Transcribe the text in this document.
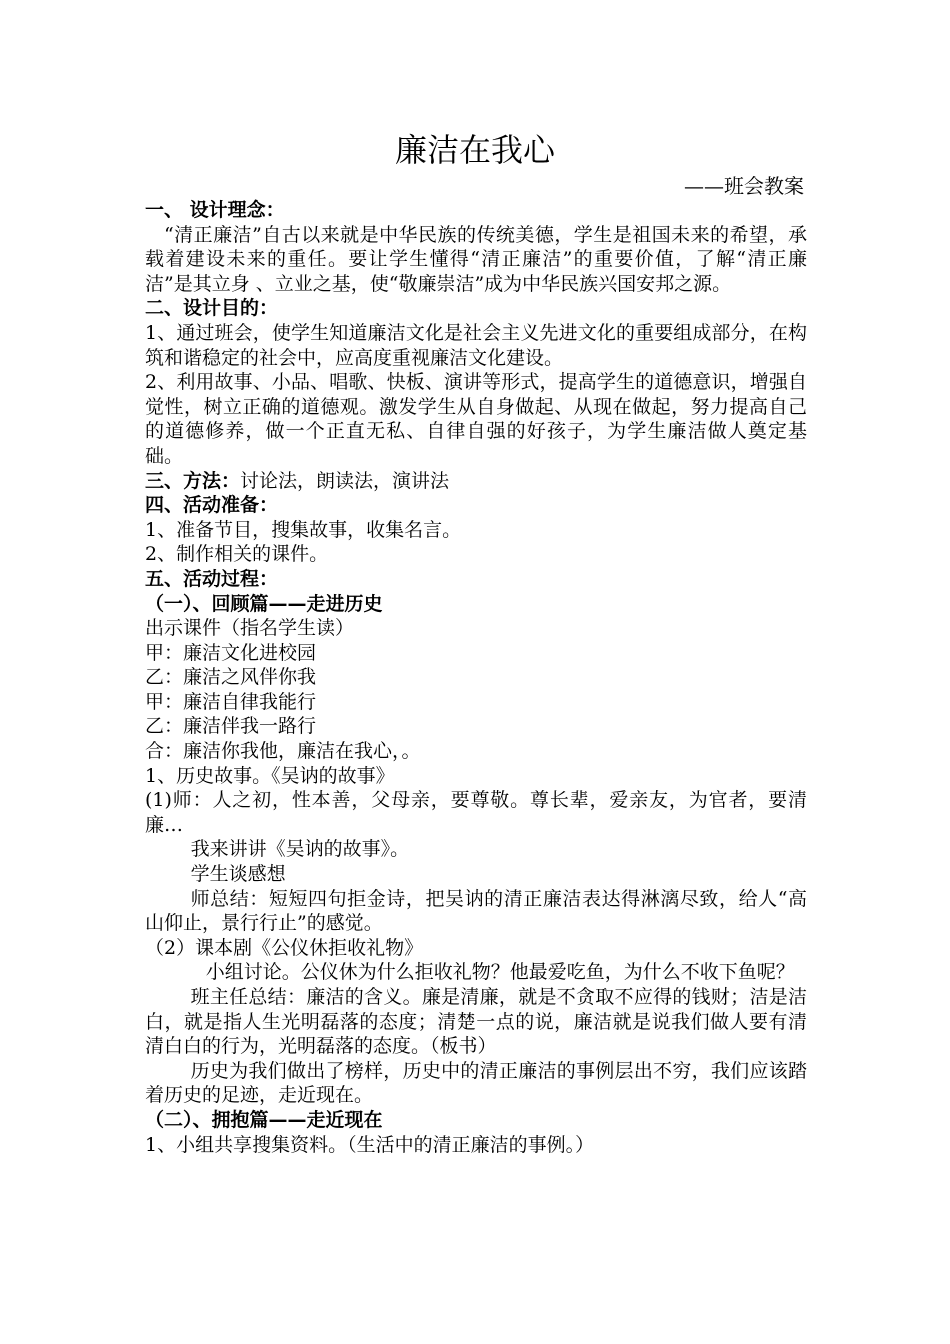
廉洁在我心

——班会教案

一、 设计理念：

“清正廉洁”自古以来就是中华民族的传统美德，学生是祖国未来的希望，承载着建设未来的重任。要让学生懂得“清正廉洁”的重要价值，了解“清正廉洁”是其立身 、立业之基，使“敬廉崇洁”成为中华民族兴国安邦之源。

二、设计目的：

1、通过班会，使学生知道廉洁文化是社会主义先进文化的重要组成部分，在构筑和谐稳定的社会中，应高度重视廉洁文化建设。

2、利用故事、小品、唱歌、快板、演讲等形式，提高学生的道德意识，增强自觉性，树立正确的道德观。激发学生从自身做起、从现在做起，努力提高自己的道德修养，做一个正直无私、自律自强的好孩子，为学生廉洁做人奠定基础。

三、方法：讨论法，朗读法，演讲法

四、活动准备：

1、准备节目，搜集故事，收集名言。

2、制作相关的课件。

五、活动过程：

（一）、回顾篇——走进历史

出示课件（指名学生读）

甲：廉洁文化进校园

乙：廉洁之风伴你我

甲：廉洁自律我能行

乙：廉洁伴我一路行

合：廉洁你我他，廉洁在我心，。

1、历史故事。《吴讷的故事》

(1)师：人之初，性本善，父母亲，要尊敬。尊长辈，爱亲友，为官者，要清廉…

我来讲讲《吴讷的故事》。

学生谈感想

师总结：短短四句拒金诗，把吴讷的清正廉洁表达得淋漓尽致，给人“高山仰止，景行行止”的感觉。

（2）课本剧《公仪休拒收礼物》

小组讨论。公仪休为什么拒收礼物？他最爱吃鱼，为什么不收下鱼呢？

班主任总结：廉洁的含义。廉是清廉，就是不贪取不应得的钱财；洁是洁白，就是指人生光明磊落的态度；清楚一点的说，廉洁就是说我们做人要有清清白白的行为，光明磊落的态度。（板书）

历史为我们做出了榜样，历史中的清正廉洁的事例层出不穷，我们应该踏着历史的足迹，走近现在。

（二）、拥抱篇——走近现在

1、小组共享搜集资料。（生活中的清正廉洁的事例。）
